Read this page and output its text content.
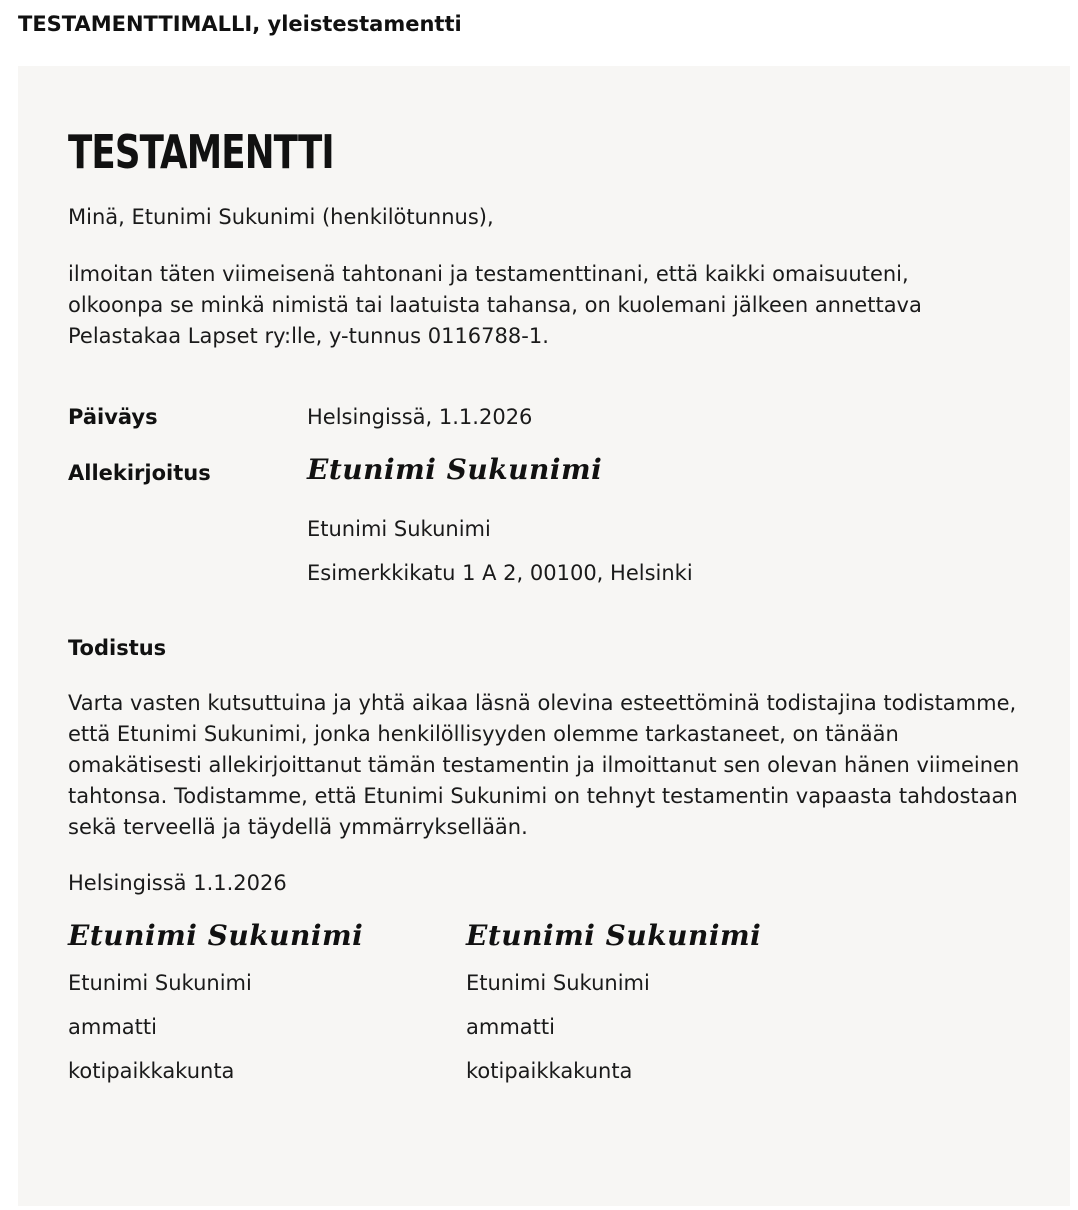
TESTAMENTTIMALLI, yleistestamentti
TESTAMENTTI
Minä, Etunimi Sukunimi (henkilötunnus),
ilmoitan täten viimeisenä tahtonani ja testamenttinani, että kaikki omaisuuteni,
olkoonpa se minkä nimistä tai laatuista tahansa, on kuolemani jälkeen annettava
Pelastakaa Lapset ry:lle, y-tunnus 0116788-1.
Päiväys	Helsingissä, 1.1.2026
Allekirjoitus	Etunimi Sukunimi
Etunimi Sukunimi
Esimerkkikatu 1 A 2, 00100, Helsinki
Todistus
Varta vasten kutsuttuina ja yhtä aikaa läsnä olevina esteettöminä todistajina todistamme,
että Etunimi Sukunimi, jonka henkilöllisyyden olemme tarkastaneet, on tänään
omakätisesti allekirjoittanut tämän testamentin ja ilmoittanut sen olevan hänen viimeinen
tahtonsa. Todistamme, että Etunimi Sukunimi on tehnyt testamentin vapaasta tahdostaan
sekä terveellä ja täydellä ymmärryksellään.
Helsingissä 1.1.2026
Etunimi Sukunimi
Etunimi Sukunimi
ammatti
kotipaikkakunta
Etunimi Sukunimi
Etunimi Sukunimi
ammatti
kotipaikkakunta
